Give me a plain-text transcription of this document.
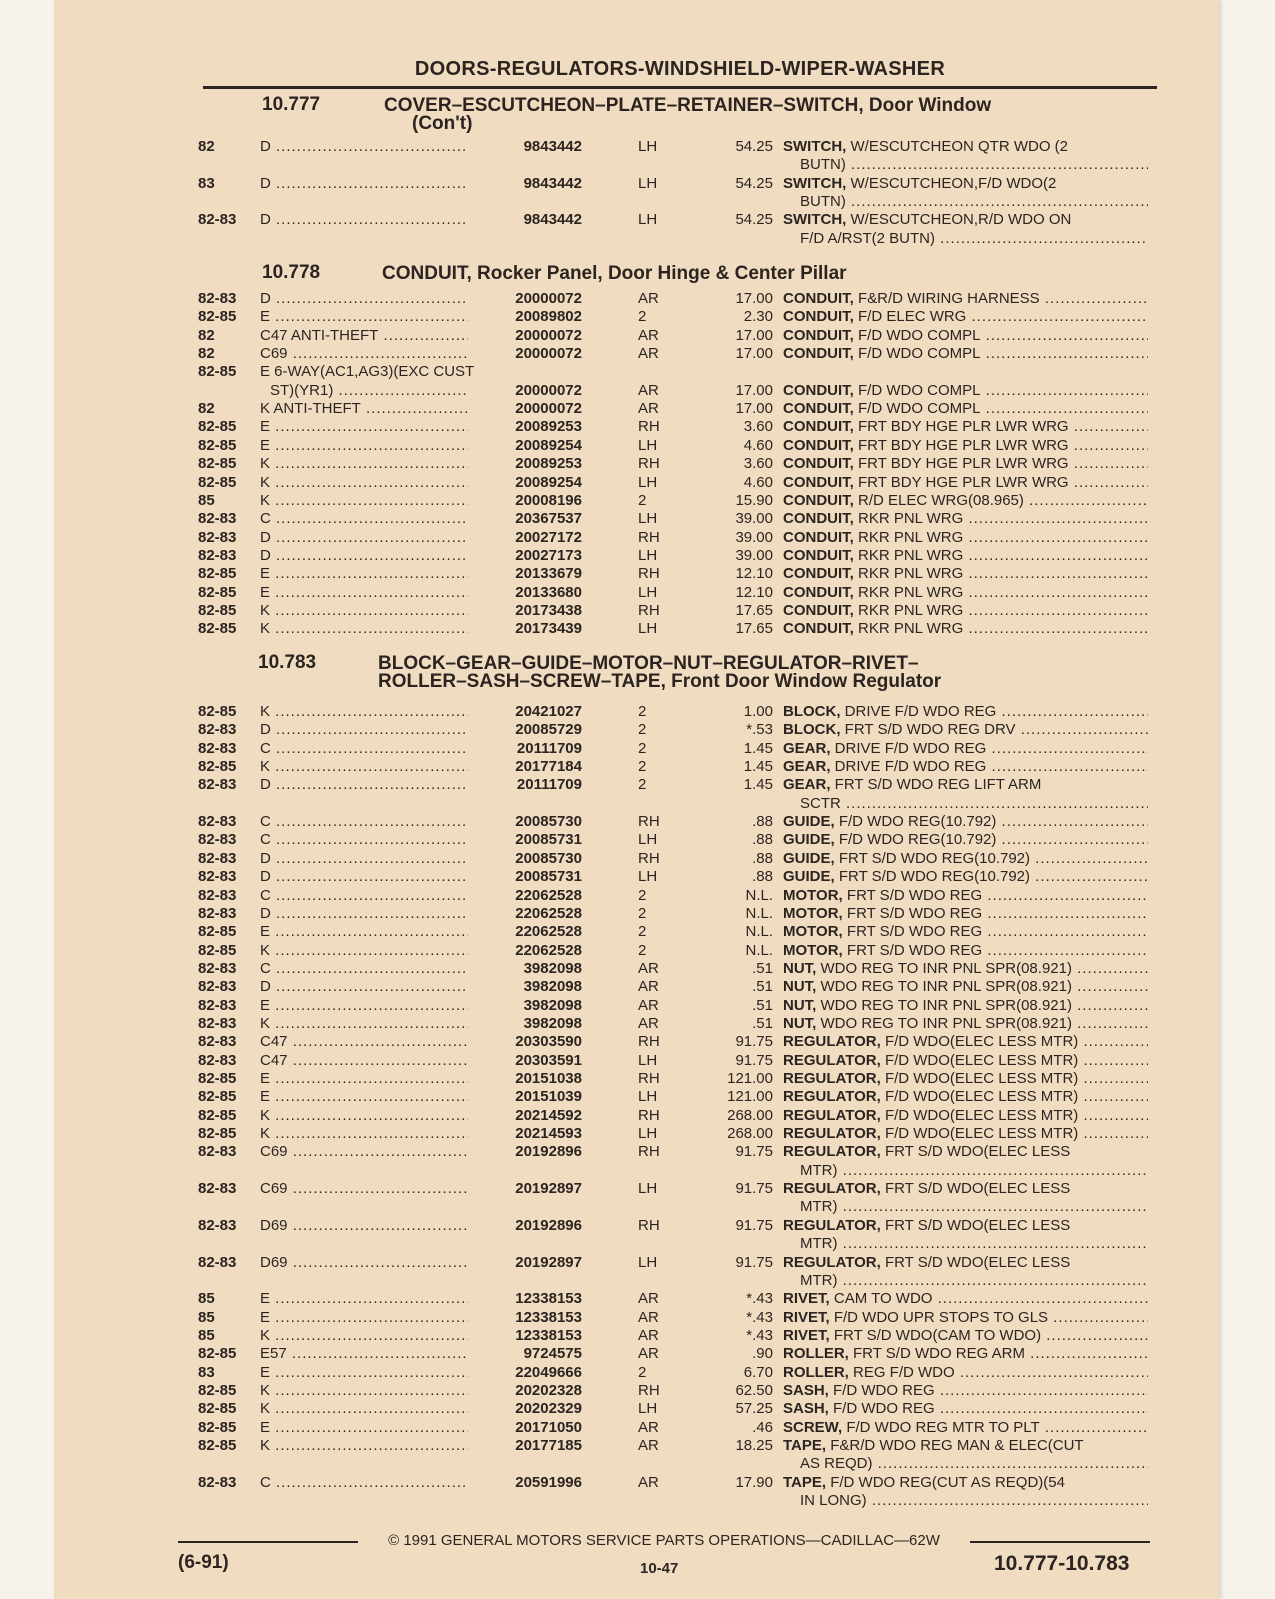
DOORS-REGULATORS-WINDSHIELD-WIPER-WASHER
10.777	COVER–ESCUTCHEON–PLATE–RETAINER–SWITCH, Door Window
(Con't)
82	D .....	9843442	LH	54.25 SWITCH, W/ESCUTCHEON QTR WDO (2
BUTN) .....
83	D .....	9843442	LH	54.25 SWITCH, W/ESCUTCHEON,F/D WDO(2
BUTN) .....
82-83 D .....	9843442	LH	54.25 SWITCH, W/ESCUTCHEON,R/D WDO ON
F/D A/RST(2 BUTN) .....
10.778	CONDUIT, Rocker Panel, Door Hinge & Center Pillar
82-83 D .....	20000072	AR	17.00 CONDUIT, F&R/D WIRING HARNESS .....
82-85 E .....	20089802	2	2.30 CONDUIT, F/D ELEC WRG .....
82	C47 ANTI-THEFT .....	20000072	AR	17.00 CONDUIT, F/D WDO COMPL .....
82	C69 .....	20000072	AR	17.00 CONDUIT, F/D WDO COMPL .....
82-85 E 6-WAY(AC1,AG3)(EXC CUST
ST)(YR1) .....	20000072	AR	17.00 CONDUIT, F/D WDO COMPL .....
82	K ANTI-THEFT .....	20000072	AR	17.00 CONDUIT, F/D WDO COMPL .....
82-85 E .....	20089253	RH	3.60 CONDUIT, FRT BDY HGE PLR LWR WRG .....
82-85 E .....	20089254	LH	4.60 CONDUIT, FRT BDY HGE PLR LWR WRG .....
82-85 K .....	20089253	RH	3.60 CONDUIT, FRT BDY HGE PLR LWR WRG .....
82-85 K .....	20089254	LH	4.60 CONDUIT, FRT BDY HGE PLR LWR WRG .....
85	K .....	20008196	2	15.90 CONDUIT, R/D ELEC WRG(08.965) .....
82-83 C .....	20367537	LH	39.00 CONDUIT, RKR PNL WRG .....
82-83 D .....	20027172	RH	39.00 CONDUIT, RKR PNL WRG .....
82-83 D .....	20027173	LH	39.00 CONDUIT, RKR PNL WRG .....
82-85 E .....	20133679	RH	12.10 CONDUIT, RKR PNL WRG .....
82-85 E .....	20133680	LH	12.10 CONDUIT, RKR PNL WRG .....
82-85 K .....	20173438	RH	17.65 CONDUIT, RKR PNL WRG .....
82-85 K .....	20173439	LH	17.65 CONDUIT, RKR PNL WRG .....
10.783	BLOCK–GEAR–GUIDE–MOTOR–NUT–REGULATOR–RIVET–
ROLLER–SASH–SCREW–TAPE, Front Door Window Regulator
82-85 K .....	20421027	2	1.00 BLOCK, DRIVE F/D WDO REG .....
82-83 D .....	20085729	2	*.53 BLOCK, FRT S/D WDO REG DRV .....
82-83 C .....	20111709	2	1.45 GEAR, DRIVE F/D WDO REG .....
82-85 K .....	20177184	2	1.45 GEAR, DRIVE F/D WDO REG .....
82-83 D .....	20111709	2	1.45 GEAR, FRT S/D WDO REG LIFT ARM
SCTR .....
82-83 C .....	20085730	RH	.88 GUIDE, F/D WDO REG(10.792) .....
82-83 C .....	20085731	LH	.88 GUIDE, F/D WDO REG(10.792) .....
82-83 D .....	20085730	RH	.88 GUIDE, FRT S/D WDO REG(10.792) .....
82-83 D .....	20085731	LH	.88 GUIDE, FRT S/D WDO REG(10.792) .....
82-83 C .....	22062528	2	N.L. MOTOR, FRT S/D WDO REG .....
82-83 D .....	22062528	2	N.L. MOTOR, FRT S/D WDO REG .....
82-85 E .....	22062528	2	N.L. MOTOR, FRT S/D WDO REG .....
82-85 K .....	22062528	2	N.L. MOTOR, FRT S/D WDO REG .....
82-83 C .....	3982098	AR	.51 NUT, WDO REG TO INR PNL SPR(08.921) .....
82-83 D .....	3982098	AR	.51 NUT, WDO REG TO INR PNL SPR(08.921) .....
82-83 E .....	3982098	AR	.51 NUT, WDO REG TO INR PNL SPR(08.921) .....
82-83 K .....	3982098	AR	.51 NUT, WDO REG TO INR PNL SPR(08.921) .....
82-83 C47 .....	20303590	RH	91.75 REGULATOR, F/D WDO(ELEC LESS MTR) .....
82-83 C47 .....	20303591	LH	91.75 REGULATOR, F/D WDO(ELEC LESS MTR) .....
82-85 E .....	20151038	RH	121.00 REGULATOR, F/D WDO(ELEC LESS MTR) .....
82-85 E .....	20151039	LH	121.00 REGULATOR, F/D WDO(ELEC LESS MTR) .....
82-85 K .....	20214592	RH	268.00 REGULATOR, F/D WDO(ELEC LESS MTR) .....
82-85 K .....	20214593	LH	268.00 REGULATOR, F/D WDO(ELEC LESS MTR) .....
82-83 C69 .....	20192896	RH	91.75 REGULATOR, FRT S/D WDO(ELEC LESS
MTR) .....
82-83 C69 .....	20192897	LH	91.75 REGULATOR, FRT S/D WDO(ELEC LESS
MTR) .....
82-83 D69 .....	20192896	RH	91.75 REGULATOR, FRT S/D WDO(ELEC LESS
MTR) .....
82-83 D69 .....	20192897	LH	91.75 REGULATOR, FRT S/D WDO(ELEC LESS
MTR) .....
85	E .....	12338153	AR	*.43 RIVET, CAM TO WDO .....
85	E .....	12338153	AR	*.43 RIVET, F/D WDO UPR STOPS TO GLS .....
85	K .....	12338153	AR	*.43 RIVET, FRT S/D WDO(CAM TO WDO) .....
82-85 E57 .....	9724575	AR	.90 ROLLER, FRT S/D WDO REG ARM .....
83	E .....	22049666	2	6.70 ROLLER, REG F/D WDO .....
82-85 K .....	20202328	RH	62.50 SASH, F/D WDO REG .....
82-85 K .....	20202329	LH	57.25 SASH, F/D WDO REG .....
82-85 E .....	20171050	AR	.46 SCREW, F/D WDO REG MTR TO PLT .....
82-85 K .....	20177185	AR	18.25 TAPE, F&R/D WDO REG MAN & ELEC(CUT
AS REQD) .....
82-83 C .....	20591996	AR	17.90 TAPE, F/D WDO REG(CUT AS REQD)(54
IN LONG) .....
© 1991 GENERAL MOTORS SERVICE PARTS OPERATIONS—CADILLAC—62W
(6-91)	10-47	10.777-10.783
